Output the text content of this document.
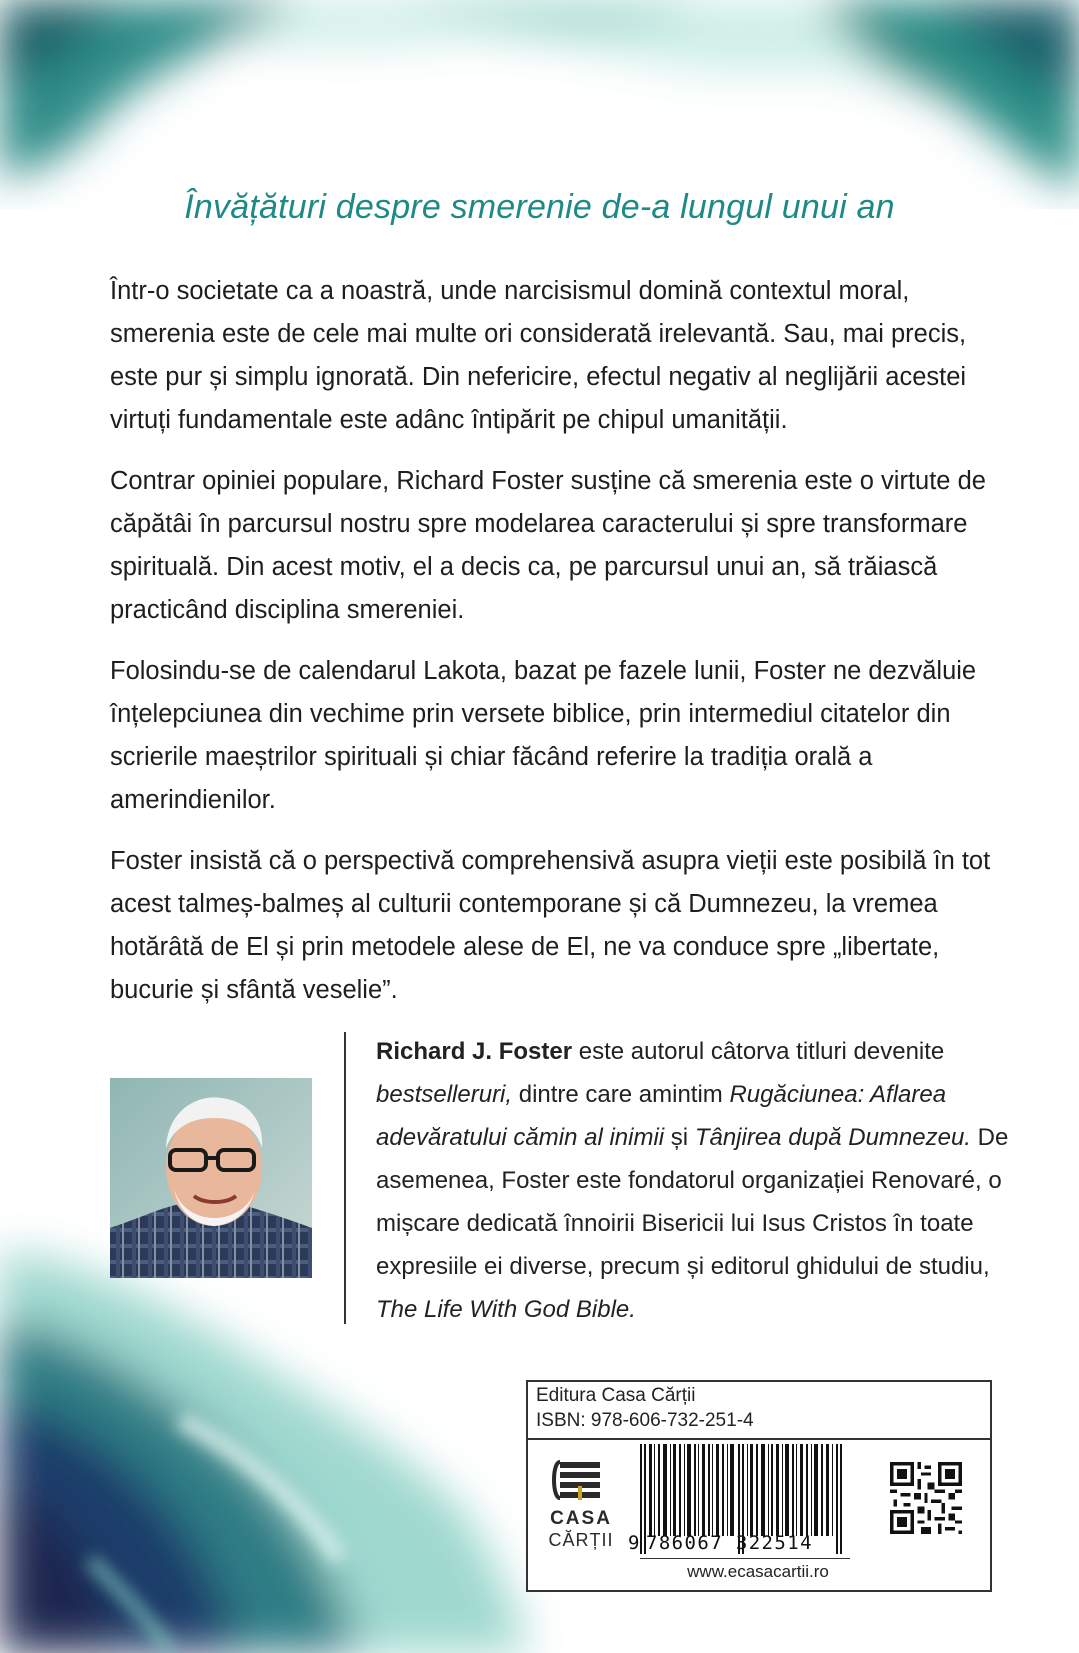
Învățături despre smerenie de-a lungul unui an

Într-o societate ca a noastră, unde narcisismul domină contextul moral, smerenia este de cele mai multe ori considerată irelevantă. Sau, mai precis, este pur și simplu ignorată. Din nefericire, efectul negativ al neglijării acestei virtuți fundamentale este adânc întipărit pe chipul umanității.

Contrar opiniei populare, Richard Foster susține că smerenia este o virtute de căpătâi în parcursul nostru spre modelarea caracterului și spre transformare spirituală. Din acest motiv, el a decis ca, pe parcursul unui an, să trăiască practicând disciplina smereniei.

Folosindu-se de calendarul Lakota, bazat pe fazele lunii, Foster ne dezvăluie înțelepciunea din vechime prin versete biblice, prin intermediul citatelor din scrierile maeștrilor spirituali și chiar făcând referire la tradiția orală a amerindienilor.

Foster insistă că o perspectivă comprehensivă asupra vieții este posibilă în tot acest talmeș-balmeș al culturii contemporane și că Dumnezeu, la vremea hotărâtă de El și prin metodele alese de El, ne va conduce spre „libertate, bucurie și sfântă veselie”.

Richard J. Foster este autorul câtorva titluri devenite bestselleruri, dintre care amintim Rugăciunea: Aflarea adevăratului cămin al inimii și Tânjirea după Dumnezeu. De asemenea, Foster este fondatorul organizației Renovaré, o mișcare dedicată înnoirii Bisericii lui Isus Cristos în toate expresiile ei diverse, precum și editorul ghidului de studiu, The Life With God Bible.
Editura Casa Cărții
ISBN: 978-606-732-251-4
CASA
CĂRȚII 9 786067 322514
www.ecasacartii.ro
